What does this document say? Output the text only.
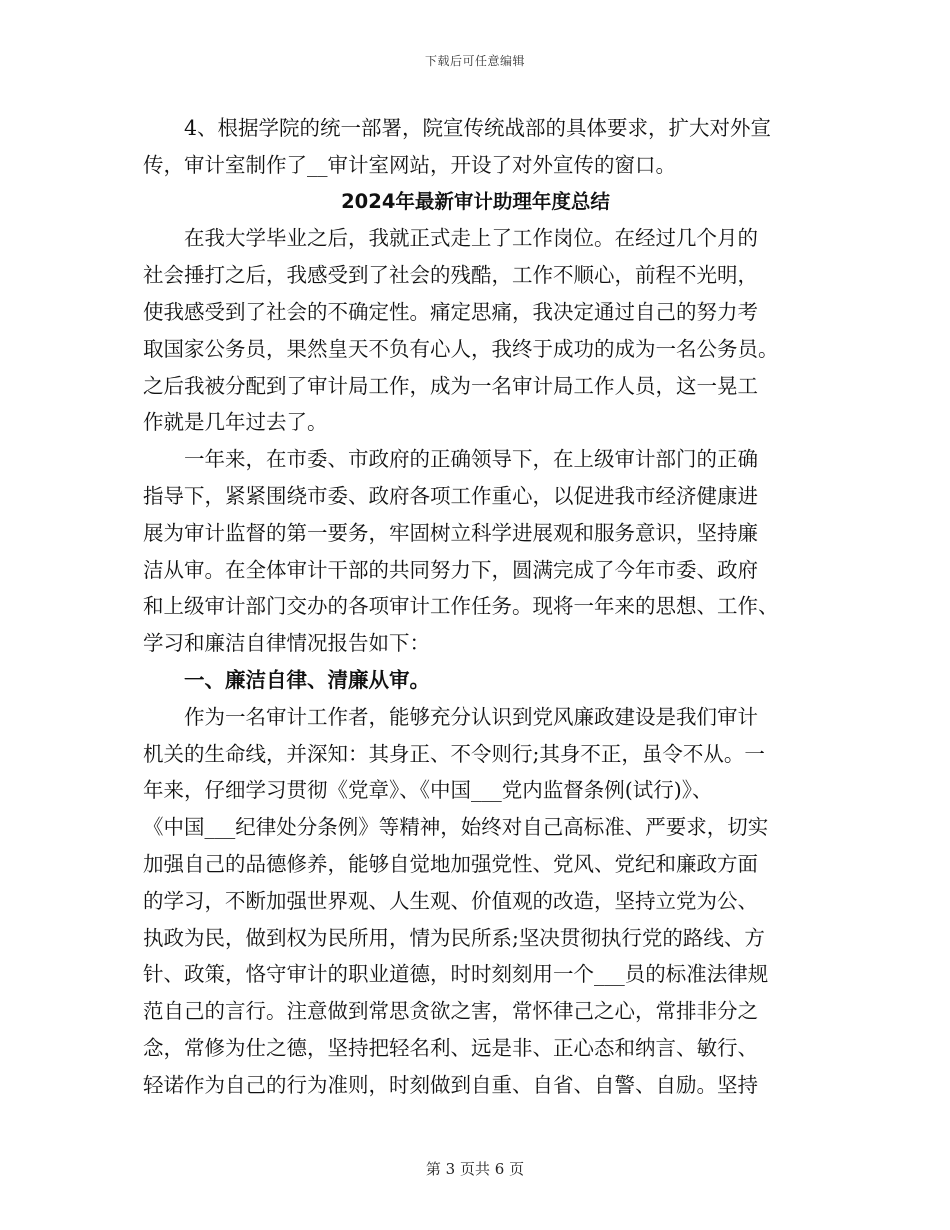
下载后可任意编辑
4、根据学院的统一部署，院宣传统战部的具体要求，扩大对外宣
传，审计室制作了__审计室网站，开设了对外宣传的窗口。
2024年最新审计助理年度总结
在我大学毕业之后，我就正式走上了工作岗位。在经过几个月的
社会捶打之后，我感受到了社会的残酷，工作不顺心，前程不光明，
使我感受到了社会的不确定性。痛定思痛，我决定通过自己的努力考
取国家公务员，果然皇天不负有心人，我终于成功的成为一名公务员。
之后我被分配到了审计局工作，成为一名审计局工作人员，这一晃工
作就是几年过去了。
一年来，在市委、市政府的正确领导下，在上级审计部门的正确
指导下，紧紧围绕市委、政府各项工作重心，以促进我市经济健康进
展为审计监督的第一要务，牢固树立科学进展观和服务意识，坚持廉
洁从审。在全体审计干部的共同努力下，圆满完成了今年市委、政府
和上级审计部门交办的各项审计工作任务。现将一年来的思想、工作、
学习和廉洁自律情况报告如下：
一、廉洁自律、清廉从审。
作为一名审计工作者，能够充分认识到党风廉政建设是我们审计
机关的生命线，并深知：其身正、不令则行;其身不正，虽令不从。一
年来，仔细学习贯彻《党章》、《中国___党内监督条例(试行)》、
《中国___纪律处分条例》等精神，始终对自己高标准、严要求，切实
加强自己的品德修养，能够自觉地加强党性、党风、党纪和廉政方面
的学习，不断加强世界观、人生观、价值观的改造，坚持立党为公、
执政为民，做到权为民所用，情为民所系;坚决贯彻执行党的路线、方
针、政策，恪守审计的职业道德，时时刻刻用一个___员的标准法律规
范自己的言行。注意做到常思贪欲之害，常怀律己之心，常排非分之
念，常修为仕之德，坚持把轻名利、远是非、正心态和纳言、敏行、
轻诺作为自己的行为准则，时刻做到自重、自省、自警、自励。坚持
第 3 页共 6 页
